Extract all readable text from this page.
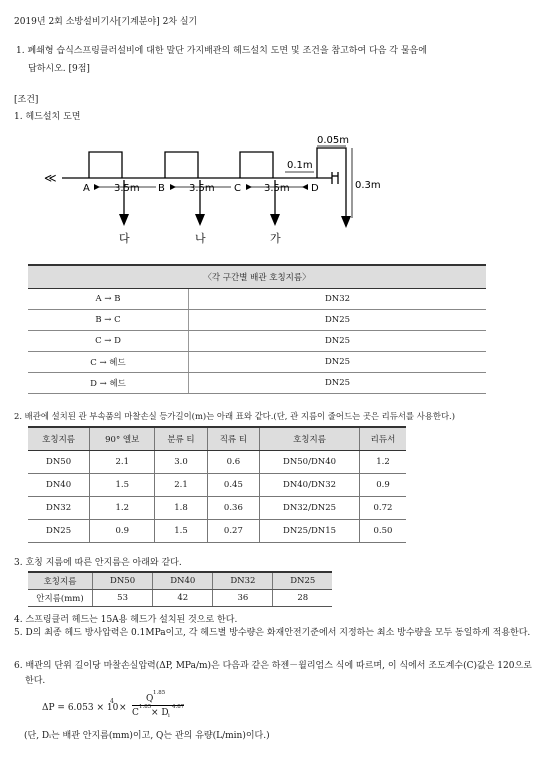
2019년 2회 소방설비기사[기계분야] 2차 실기
1. 폐쇄형 습식스프링클러설비에 대한 말단 가지배관의 헤드설치 도면 및 조건을 참고하여 다음 각 물음에
답하시오. [9점]
[조건]
1. 헤드설치 도면
≪
A	B	C	D
3.5m	3.5m	3.5m
0.1m
0.05m
0.3m
다	나	가
〈각 구간별 배관 호칭지름〉	
A → B	DN32
B → C	DN25
C → D	DN25
C → 헤드	DN25
D → 헤드	DN25
2. 배관에 설치된 관 부속품의 마찰손실 등가길이(m)는 아래 표와 같다.(단, 관 지름이 줄어드는 곳은 리듀서를 사용한다.)
호칭지름	90° 엘보	분류 티	직류 티	호칭지름	리듀서
DN50	2.1	3.0	0.6	DN50/DN40	1.2
DN40	1.5	2.1	0.45	DN40/DN32	0.9
DN32	1.2	1.8	0.36	DN32/DN25	0.72
DN25	0.9	1.5	0.27	DN25/DN15	0.50
3. 호칭 지름에 따른 안지름은 아래와 같다.
호칭지름	DN50	DN40	DN32	DN25
안지름(mm)	53	42	36	28
4. 스프링클러 헤드는 15A용 헤드가 설치된 것으로 한다.
5. D의 최종 헤드 방사압력은 0.1MPa이고, 각 헤드별 방수량은 화재안전기준에서 지정하는 최소 방수량을 모두 동일하게 적용한다.
6. 배관의 단위 길이당 마찰손실압력(ΔP, MPa/m)은 다음과 같은 하젠－윌리엄스 식에 따르며, 이 식에서 조도계수(C)값은 120으로 한다.
ΔP = 6.053 × 10
4
×
Q
1.85
C
1.85
× D i
4.87
(단, Dᵢ는 배관 안지름(mm)이고, Q는 관의 유량(L/min)이다.)
